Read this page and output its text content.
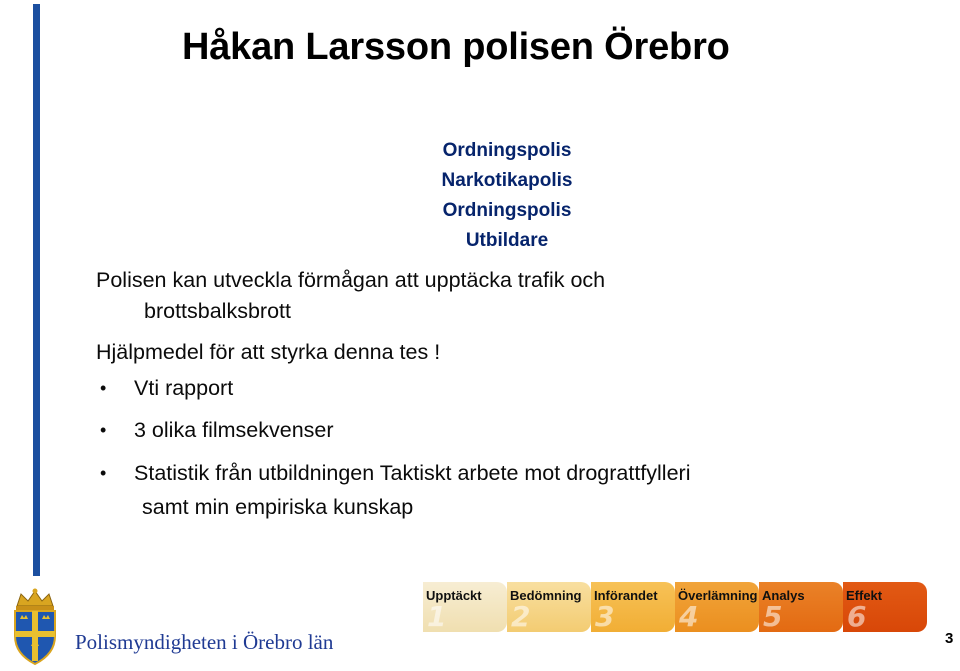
Håkan Larsson polisen Örebro
Ordningspolis
Narkotikapolis
Ordningspolis
Utbildare
Polisen kan utveckla förmågan att upptäcka trafik och
brottsbalksbrott
Hjälpmedel för att styrka denna tes !
• Vti rapport
• 3 olika filmsekvenser
• Statistik från utbildningen Taktiskt arbete mot drograttfylleri
samt min empiriska kunskap
1
Upptäckt
2
Bedömning
3
Införandet
4
Överlämning
5
Analys
6
Effekt
Polismyndigheten i Örebro län	3
